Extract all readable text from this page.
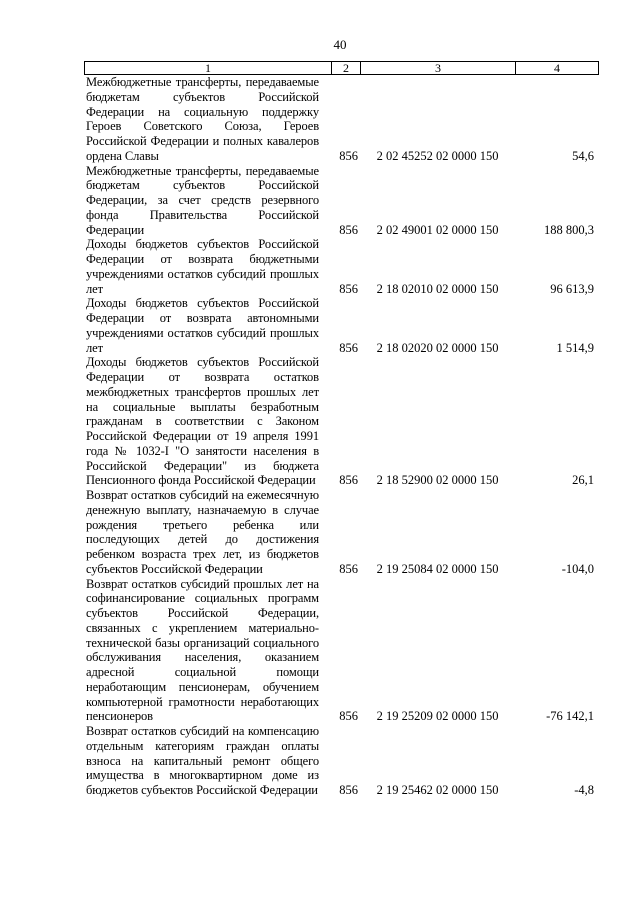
40
1	2	3	4
Межбюджетные трансферты, передаваемые бюджетам субъектов Российской Федерации на социальную поддержку Героев Советского Союза, Героев Российской Федерации и полных кавалеров ордена Славы	856	2 02 45252 02 0000 150	54,6
Межбюджетные трансферты, передаваемые бюджетам субъектов Российской Федерации, за счет средств резервного фонда Правительства Российской Федерации	856	2 02 49001 02 0000 150	188 800,3
Доходы бюджетов субъектов Российской Федерации от возврата бюджетными учреждениями остатков субсидий прошлых лет	856	2 18 02010 02 0000 150	96 613,9
Доходы бюджетов субъектов Российской Федерации от возврата автономными учреждениями остатков субсидий прошлых лет	856	2 18 02020 02 0000 150	1 514,9
Доходы бюджетов субъектов Российской Федерации от возврата остатков межбюджетных трансфертов прошлых лет на социальные выплаты безработным гражданам в соответствии с Законом Российской Федерации от 19 апреля 1991 года № 1032-I "О занятости населения в Российской Федерации" из бюджета Пенсионного фонда Российской Федерации	856	2 18 52900 02 0000 150	26,1
Возврат остатков субсидий на ежемесячную денежную выплату, назначаемую в случае рождения третьего ребенка или последующих детей до достижения ребенком возраста трех лет, из бюджетов субъектов Российской Федерации	856	2 19 25084 02 0000 150	-104,0
Возврат остатков субсидий прошлых лет на софинансирование социальных программ субъектов Российской Федерации, связанных с укреплением материально-технической базы организаций социального обслуживания населения, оказанием адресной социальной помощи неработающим пенсионерам, обучением компьютерной грамотности неработающих пенсионеров	856	2 19 25209 02 0000 150	-76 142,1
Возврат остатков субсидий на компенсацию отдельным категориям граждан оплаты взноса на капитальный ремонт общего имущества в многоквартирном доме из бюджетов субъектов Российской Федерации	856	2 19 25462 02 0000 150	-4,8
